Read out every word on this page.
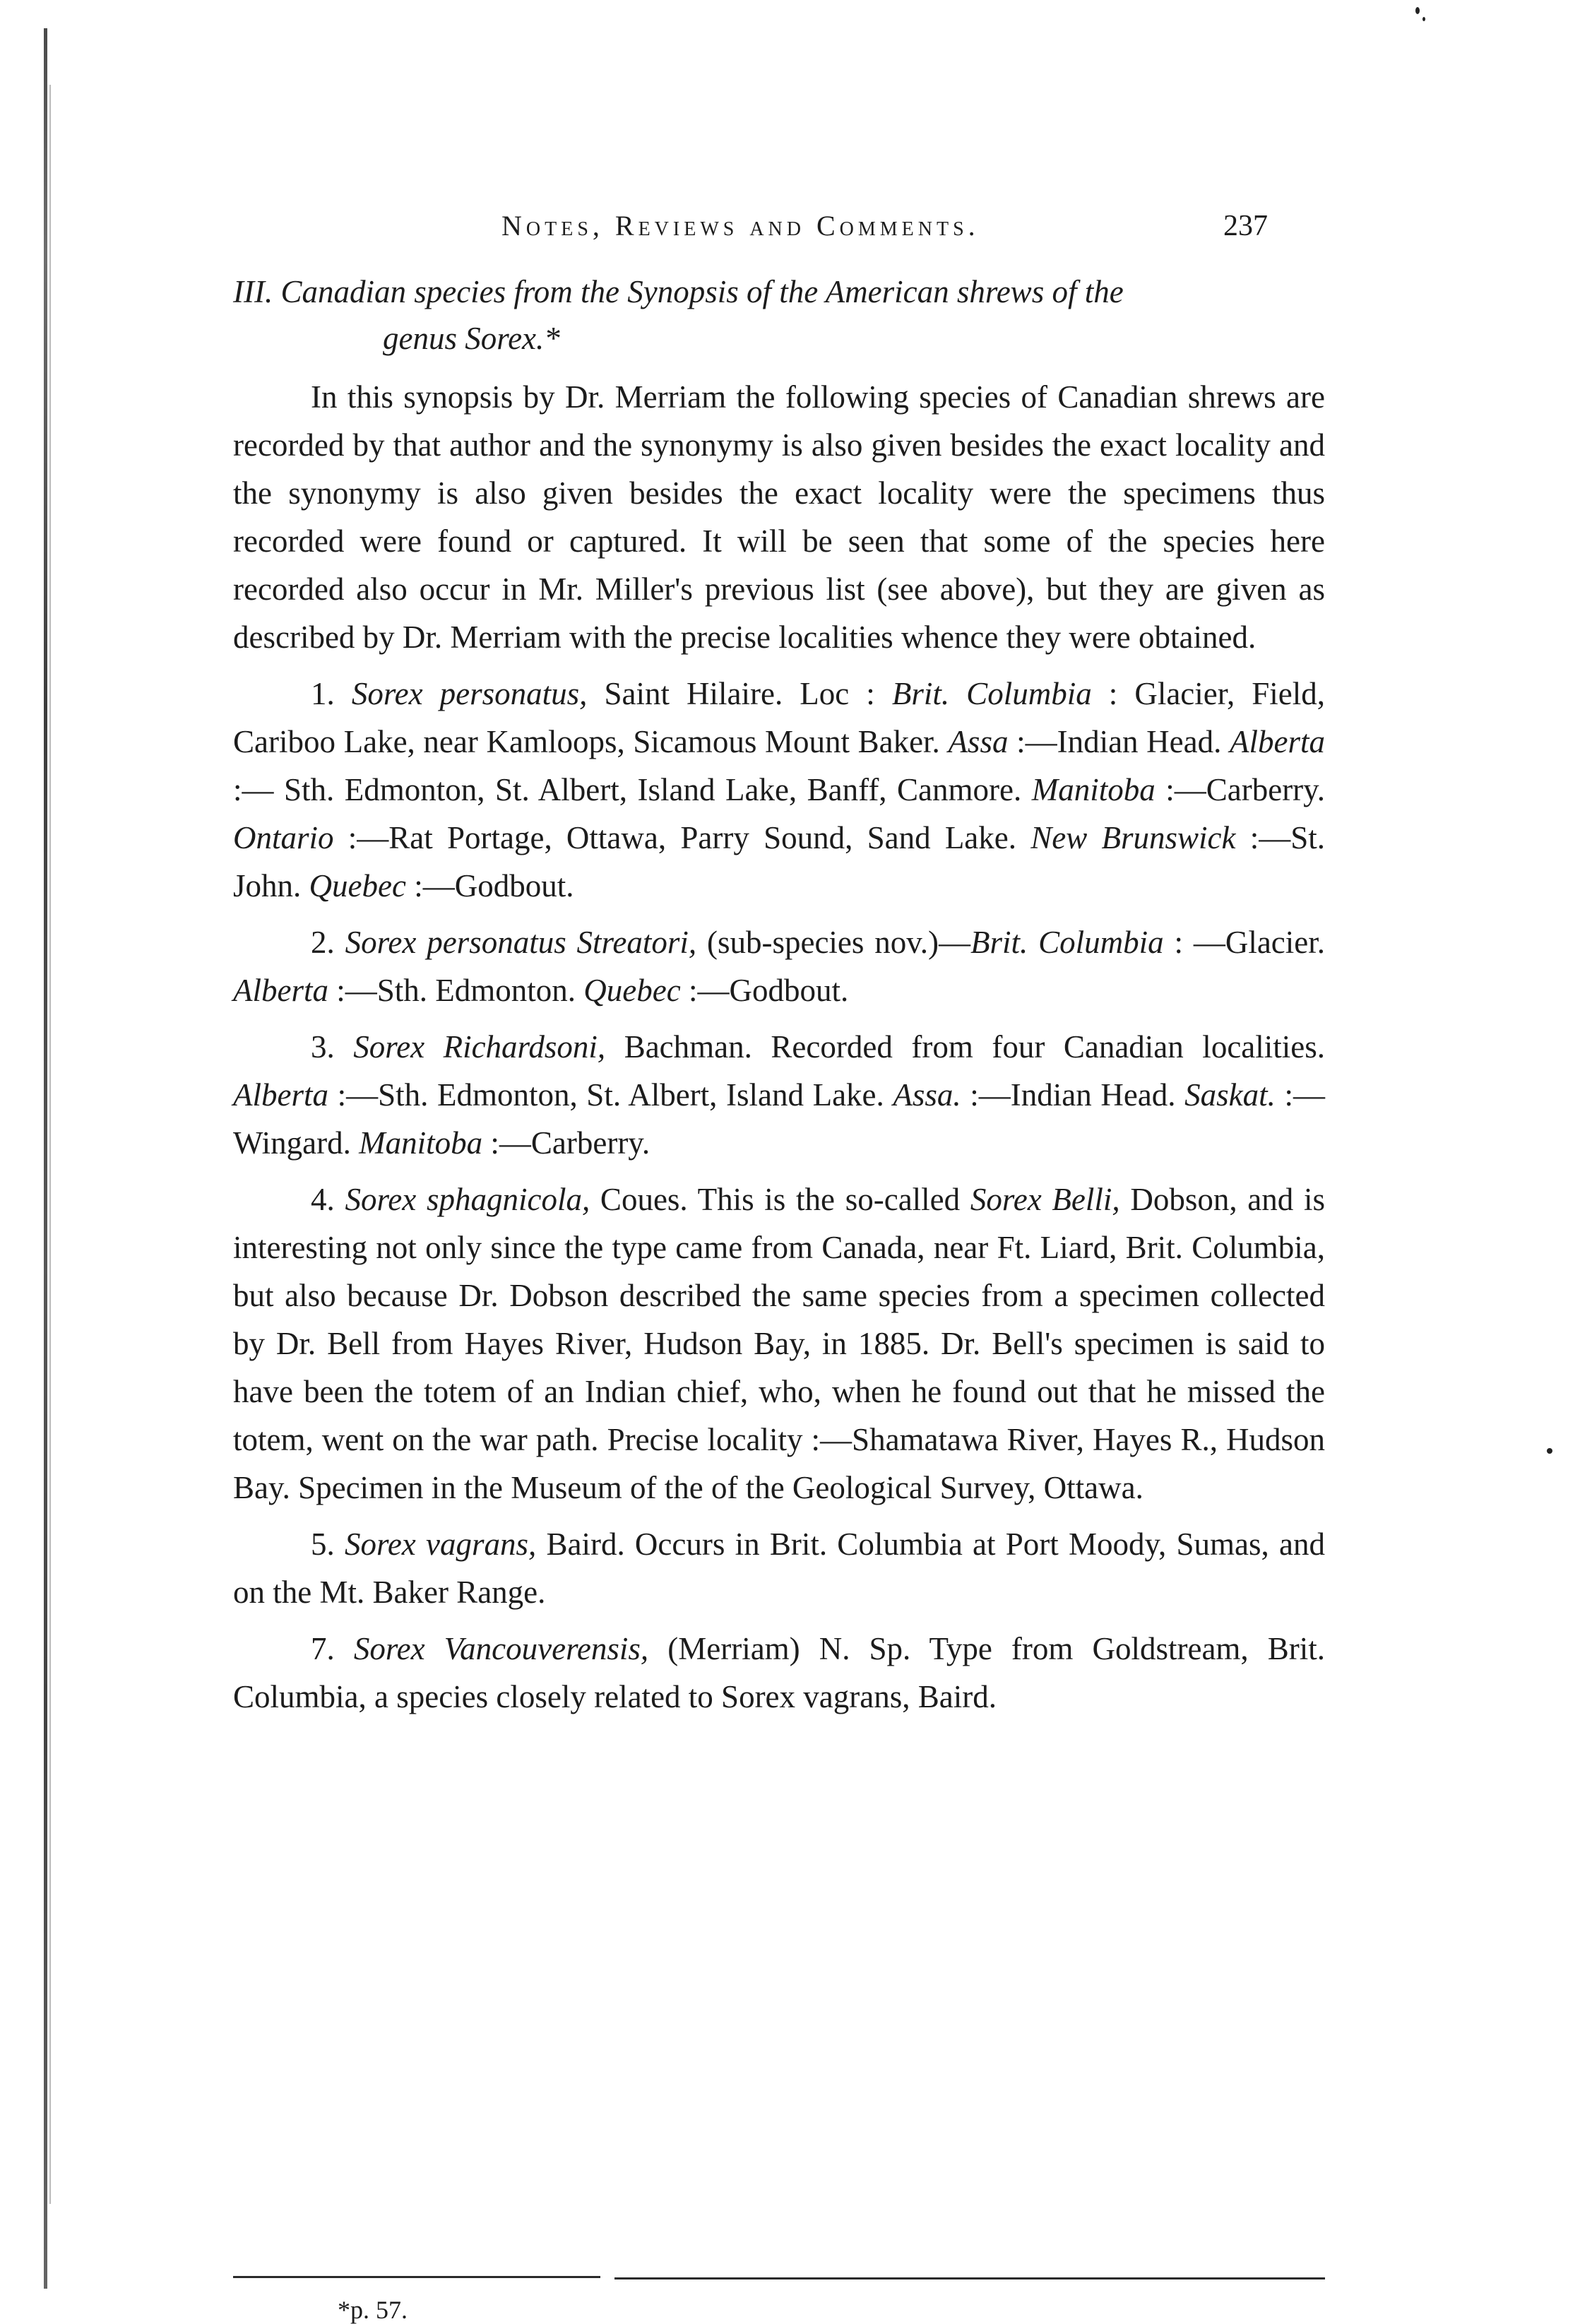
Notes, Reviews and Comments.	237

III. Canadian species from the Synopsis of the American shrews of the
genus Sorex.*

In this synopsis by Dr. Merriam the following species of Canadian shrews are recorded by that author and the synonymy is also given besides the exact locality and the synonymy is also given besides the exact locality were the specimens thus recorded were found or captured. It will be seen that some of the species here recorded also occur in Mr. Miller's previous list (see above), but they are given as described by Dr. Merriam with the precise localities whence they were obtained.

1. Sorex personatus, Saint Hilaire. Loc : Brit. Columbia : Glacier, Field, Cariboo Lake, near Kamloops, Sicamous Mount Baker. Assa :—Indian Head. Alberta :— Sth. Edmonton, St. Albert, Island Lake, Banff, Canmore. Manitoba :—Carberry. Ontario :—Rat Portage, Ottawa, Parry Sound, Sand Lake. New Brunswick :—St. John. Quebec :—Godbout.

2. Sorex personatus Streatori, (sub-species nov.)—Brit. Columbia : —Glacier. Alberta :—Sth. Edmonton. Quebec :—Godbout.

3. Sorex Richardsoni, Bachman. Recorded from four Canadian localities. Alberta :—Sth. Edmonton, St. Albert, Island Lake. Assa. :—Indian Head. Saskat. :—Wingard. Manitoba :—Carberry.

4. Sorex sphagnicola, Coues. This is the so-called Sorex Belli, Dobson, and is interesting not only since the type came from Canada, near Ft. Liard, Brit. Columbia, but also because Dr. Dobson described the same species from a specimen collected by Dr. Bell from Hayes River, Hudson Bay, in 1885. Dr. Bell's specimen is said to have been the totem of an Indian chief, who, when he found out that he missed the totem, went on the war path. Precise locality :—Shamatawa River, Hayes R., Hudson Bay. Specimen in the Museum of the of the Geological Survey, Ottawa.

5. Sorex vagrans, Baird. Occurs in Brit. Columbia at Port Moody, Sumas, and on the Mt. Baker Range.

7. Sorex Vancouverensis, (Merriam) N. Sp. Type from Goldstream, Brit. Columbia, a species closely related to Sorex vagrans, Baird.

*p. 57.
